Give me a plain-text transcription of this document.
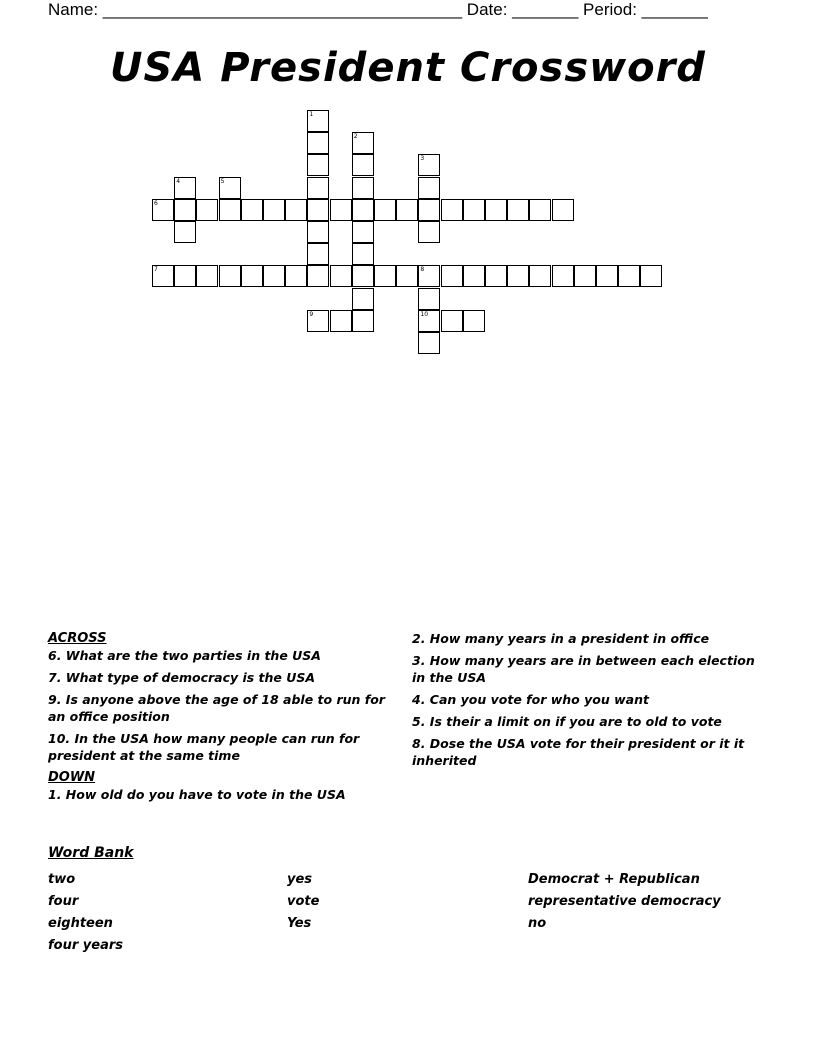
Name: ______________________________________ Date: _______ Period: _______
USA President Crossword
1
2
3
4	5
8
10
6
7
9
ACROSS
6. What are the two parties in the USA
7. What type of democracy is the USA
9. Is anyone above the age of 18 able to run for an office position
10. In the USA how many people can run for president at the same time
DOWN
1. How old do you have to vote in the USA
2. How many years in a president in office
3. How many years are in between each election in the USA
4. Can you vote for who you want
5. Is their a limit on if you are to old to vote
8. Dose the USA vote for their president or it it inherited
Word Bank
two
four
eighteen
four years
yes
vote
Yes
Democrat + Republican
representative democracy
no
